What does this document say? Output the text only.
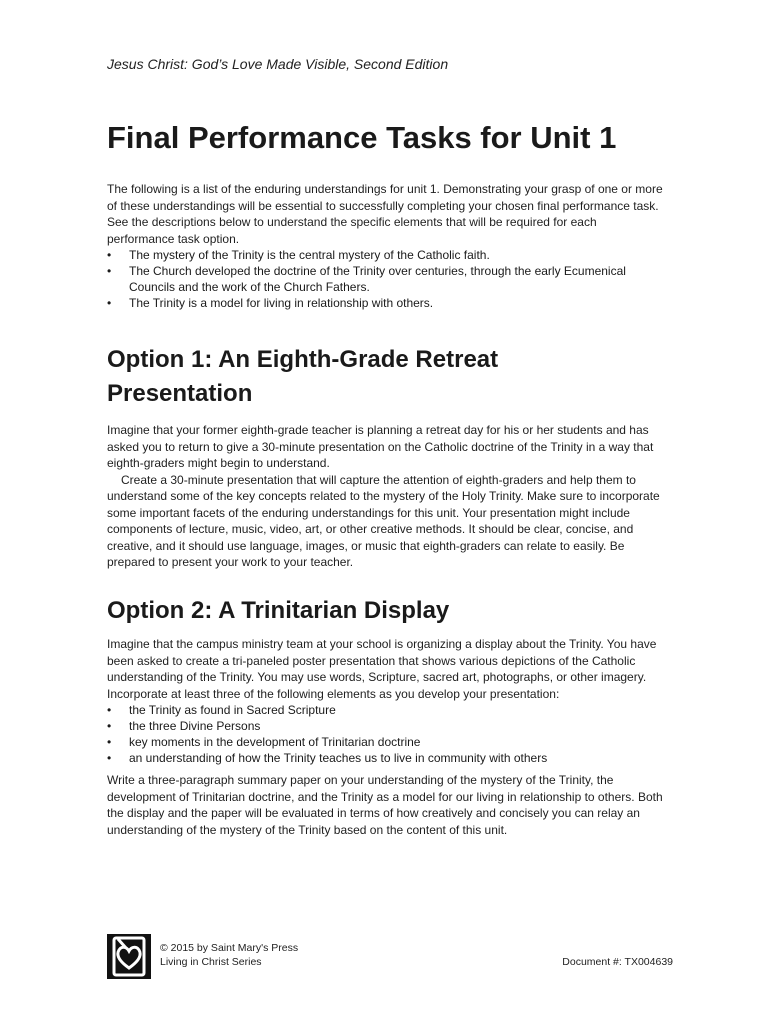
Jesus Christ: God’s Love Made Visible, Second Edition
Final Performance Tasks for Unit 1

The following is a list of the enduring understandings for unit 1. Demonstrating your grasp of one or more of these understandings will be essential to successfully completing your chosen final performance task. See the descriptions below to understand the specific elements that will be required for each performance task option.

• The mystery of the Trinity is the central mystery of the Catholic faith.
• The Church developed the doctrine of the Trinity over centuries, through the early Ecumenical Councils and the work of the Church Fathers.
• The Trinity is a model for living in relationship with others.
Option 1: An Eighth-Grade Retreat Presentation

Imagine that your former eighth-grade teacher is planning a retreat day for his or her students and has asked you to return to give a 30-minute presentation on the Catholic doctrine of the Trinity in a way that eighth-graders might begin to understand.

Create a 30-minute presentation that will capture the attention of eighth-graders and help them to understand some of the key concepts related to the mystery of the Holy Trinity. Make sure to incorporate some important facets of the enduring understandings for this unit. Your presentation might include components of lecture, music, video, art, or other creative methods. It should be clear, concise, and creative, and it should use language, images, or music that eighth-graders can relate to easily. Be prepared to present your work to your teacher.

Option 2: A Trinitarian Display

Imagine that the campus ministry team at your school is organizing a display about the Trinity. You have been asked to create a tri-paneled poster presentation that shows various depictions of the Catholic understanding of the Trinity. You may use words, Scripture, sacred art, photographs, or other imagery. Incorporate at least three of the following elements as you develop your presentation:

• the Trinity as found in Sacred Scripture
• the three Divine Persons
• key moments in the development of Trinitarian doctrine
• an understanding of how the Trinity teaches us to live in community with others

Write a three-paragraph summary paper on your understanding of the mystery of the Trinity, the development of Trinitarian doctrine, and the Trinity as a model for our living in relationship to others. Both the display and the paper will be evaluated in terms of how creatively and concisely you can relay an understanding of the mystery of the Trinity based on the content of this unit.

© 2015 by Saint Mary's Press
Living in Christ Series	Document #: TX004639
